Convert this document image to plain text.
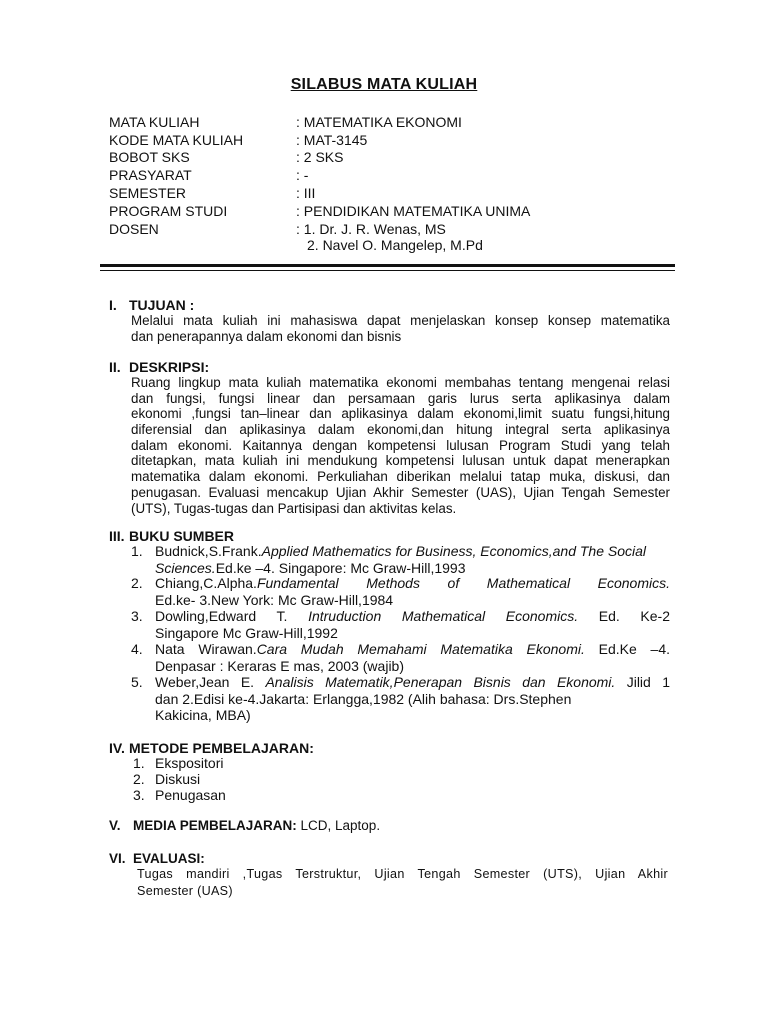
SILABUS MATA KULIAH
MATA KULIAH	: MATEMATIKA EKONOMI
KODE MATA KULIAH	: MAT-3145
BOBOT SKS	: 2 SKS
PRASYARAT	: -
SEMESTER	: III
PROGRAM STUDI	: PENDIDIKAN MATEMATIKA UNIMA
DOSEN	: 1. Dr. J. R. Wenas, MS
2. Navel O. Mangelep, M.Pd
I. TUJUAN :
Melalui mata kuliah ini mahasiswa dapat menjelaskan konsep konsep matematika
dan penerapannya dalam ekonomi dan bisnis
II. DESKRIPSI:
Ruang lingkup mata kuliah matematika ekonomi membahas tentang mengenai relasi
dan fungsi, fungsi linear dan persamaan garis lurus serta aplikasinya dalam
ekonomi ,fungsi tan–linear dan aplikasinya dalam ekonomi,limit suatu fungsi,hitung
diferensial dan aplikasinya dalam ekonomi,dan hitung integral serta aplikasinya
dalam ekonomi. Kaitannya dengan kompetensi lulusan Program Studi yang telah
ditetapkan, mata kuliah ini mendukung kompetensi lulusan untuk dapat menerapkan
matematika dalam ekonomi. Perkuliahan diberikan melalui tatap muka, diskusi, dan
penugasan. Evaluasi mencakup Ujian Akhir Semester (UAS), Ujian Tengah Semester
(UTS), Tugas-tugas dan Partisipasi dan aktivitas kelas.
III. BUKU SUMBER
1. Budnick,S.Frank.Applied Mathematics for Business, Economics,and The Social
Sciences.Ed.ke –4. Singapore: Mc Graw-Hill,1993
2. Chiang,C.Alpha.Fundamental Methods of Mathematical Economics.
Ed.ke- 3.New York: Mc Graw-Hill,1984
3. Dowling,Edward T. Intruduction Mathematical Economics. Ed. Ke-2
Singapore Mc Graw-Hill,1992
4. Nata Wirawan.Cara Mudah Memahami Matematika Ekonomi. Ed.Ke –4.
Denpasar : Keraras E mas, 2003 (wajib)
5. Weber,Jean E. Analisis Matematik,Penerapan Bisnis dan Ekonomi. Jilid 1
dan 2.Edisi ke-4.Jakarta: Erlangga,1982 (Alih bahasa: Drs.Stephen
Kakicina, MBA)
IV. METODE PEMBELAJARAN:
1. Ekspositori
2. Diskusi
3. Penugasan
V. MEDIA PEMBELAJARAN: LCD, Laptop.
VI. EVALUASI:
Tugas mandiri ,Tugas Terstruktur, Ujian Tengah Semester (UTS), Ujian Akhir
Semester (UAS)
